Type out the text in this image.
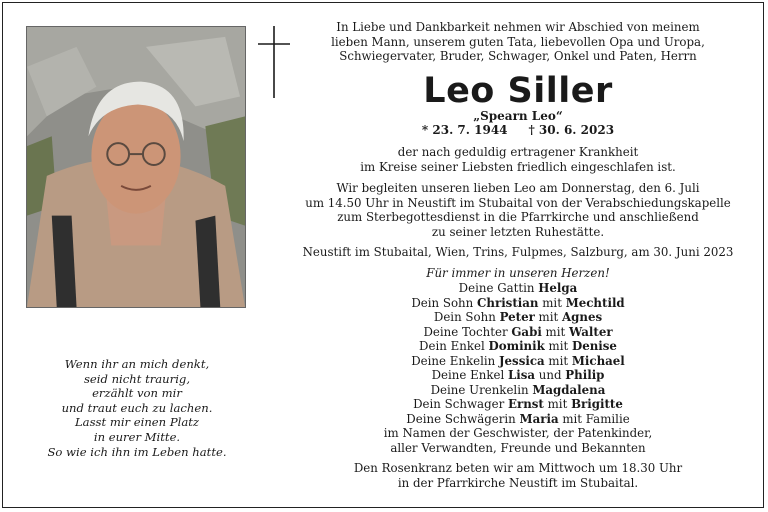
Wenn ihr an mich denkt,
seid nicht traurig,
erzählt von mir
und traut euch zu lachen.
Lasst mir einen Platz
in eurer Mitte.
So wie ich ihn im Leben hatte.
In Liebe und Dankbarkeit nehmen wir Abschied von meinem
lieben Mann, unserem guten Tata, liebevollen Opa und Uropa,
Schwiegervater, Bruder, Schwager, Onkel und Paten, Herrn
Leo Siller
„Spearn Leo“
* 23. 7. 1944 † 30. 6. 2023
der nach geduldig ertragener Krankheit
im Kreise seiner Liebsten friedlich eingeschlafen ist.
Wir begleiten unseren lieben Leo am Donnerstag, den 6. Juli
um 14.50 Uhr in Neustift im Stubaital von der Verabschiedungskapelle
zum Sterbegottesdienst in die Pfarrkirche und anschließend
zu seiner letzten Ruhestätte.
Neustift im Stubaital, Wien, Trins, Fulpmes, Salzburg, am 30. Juni 2023
Für immer in unseren Herzen!
Deine Gattin Helga
Dein Sohn Christian mit Mechtild
Dein Sohn Peter mit Agnes
Deine Tochter Gabi mit Walter
Dein Enkel Dominik mit Denise
Deine Enkelin Jessica mit Michael
Deine Enkel Lisa und Philip
Deine Urenkelin Magdalena
Dein Schwager Ernst mit Brigitte
Deine Schwägerin Maria mit Familie
im Namen der Geschwister, der Patenkinder,
aller Verwandten, Freunde und Bekannten
Den Rosenkranz beten wir am Mittwoch um 18.30 Uhr
in der Pfarrkirche Neustift im Stubaital.
